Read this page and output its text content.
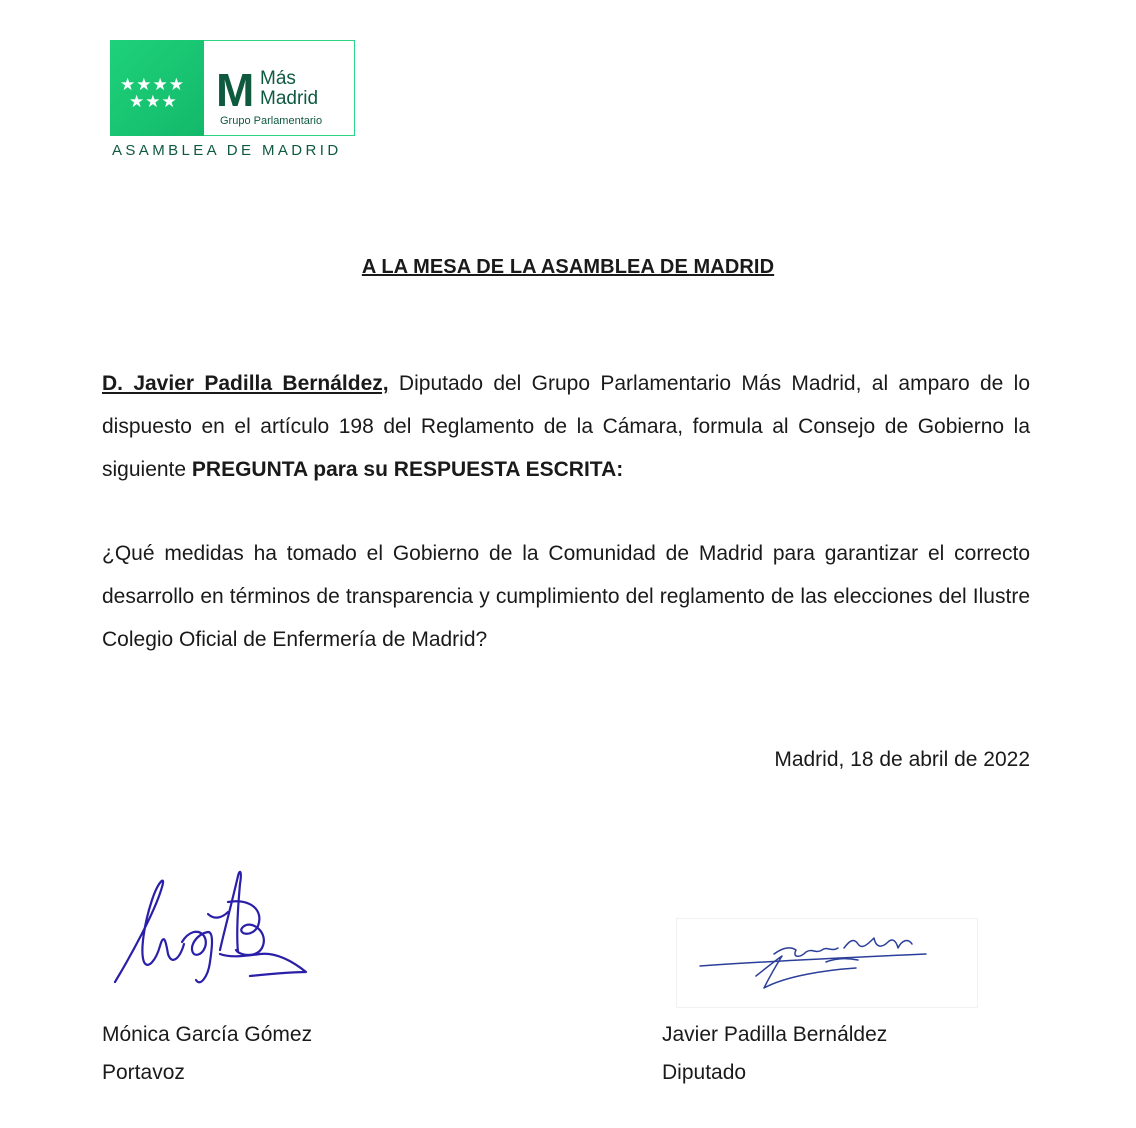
★★★★
★★★ M Más
Madrid
Grupo Parlamentario
ASAMBLEA DE MADRID
A LA MESA DE LA ASAMBLEA DE MADRID
D. Javier Padilla Bernáldez, Diputado del Grupo Parlamentario Más Madrid, al amparo de lo dispuesto en el artículo 198 del Reglamento de la Cámara, formula al Consejo de Gobierno la siguiente PREGUNTA para su RESPUESTA ESCRITA:
¿Qué medidas ha tomado el Gobierno de la Comunidad de Madrid para garantizar el correcto desarrollo en términos de transparencia y cumplimiento del reglamento de las elecciones del Ilustre Colegio Oficial de Enfermería de Madrid?
Madrid, 18 de abril de 2022
Mónica García Gómez
Portavoz
Javier Padilla Bernáldez
Diputado
